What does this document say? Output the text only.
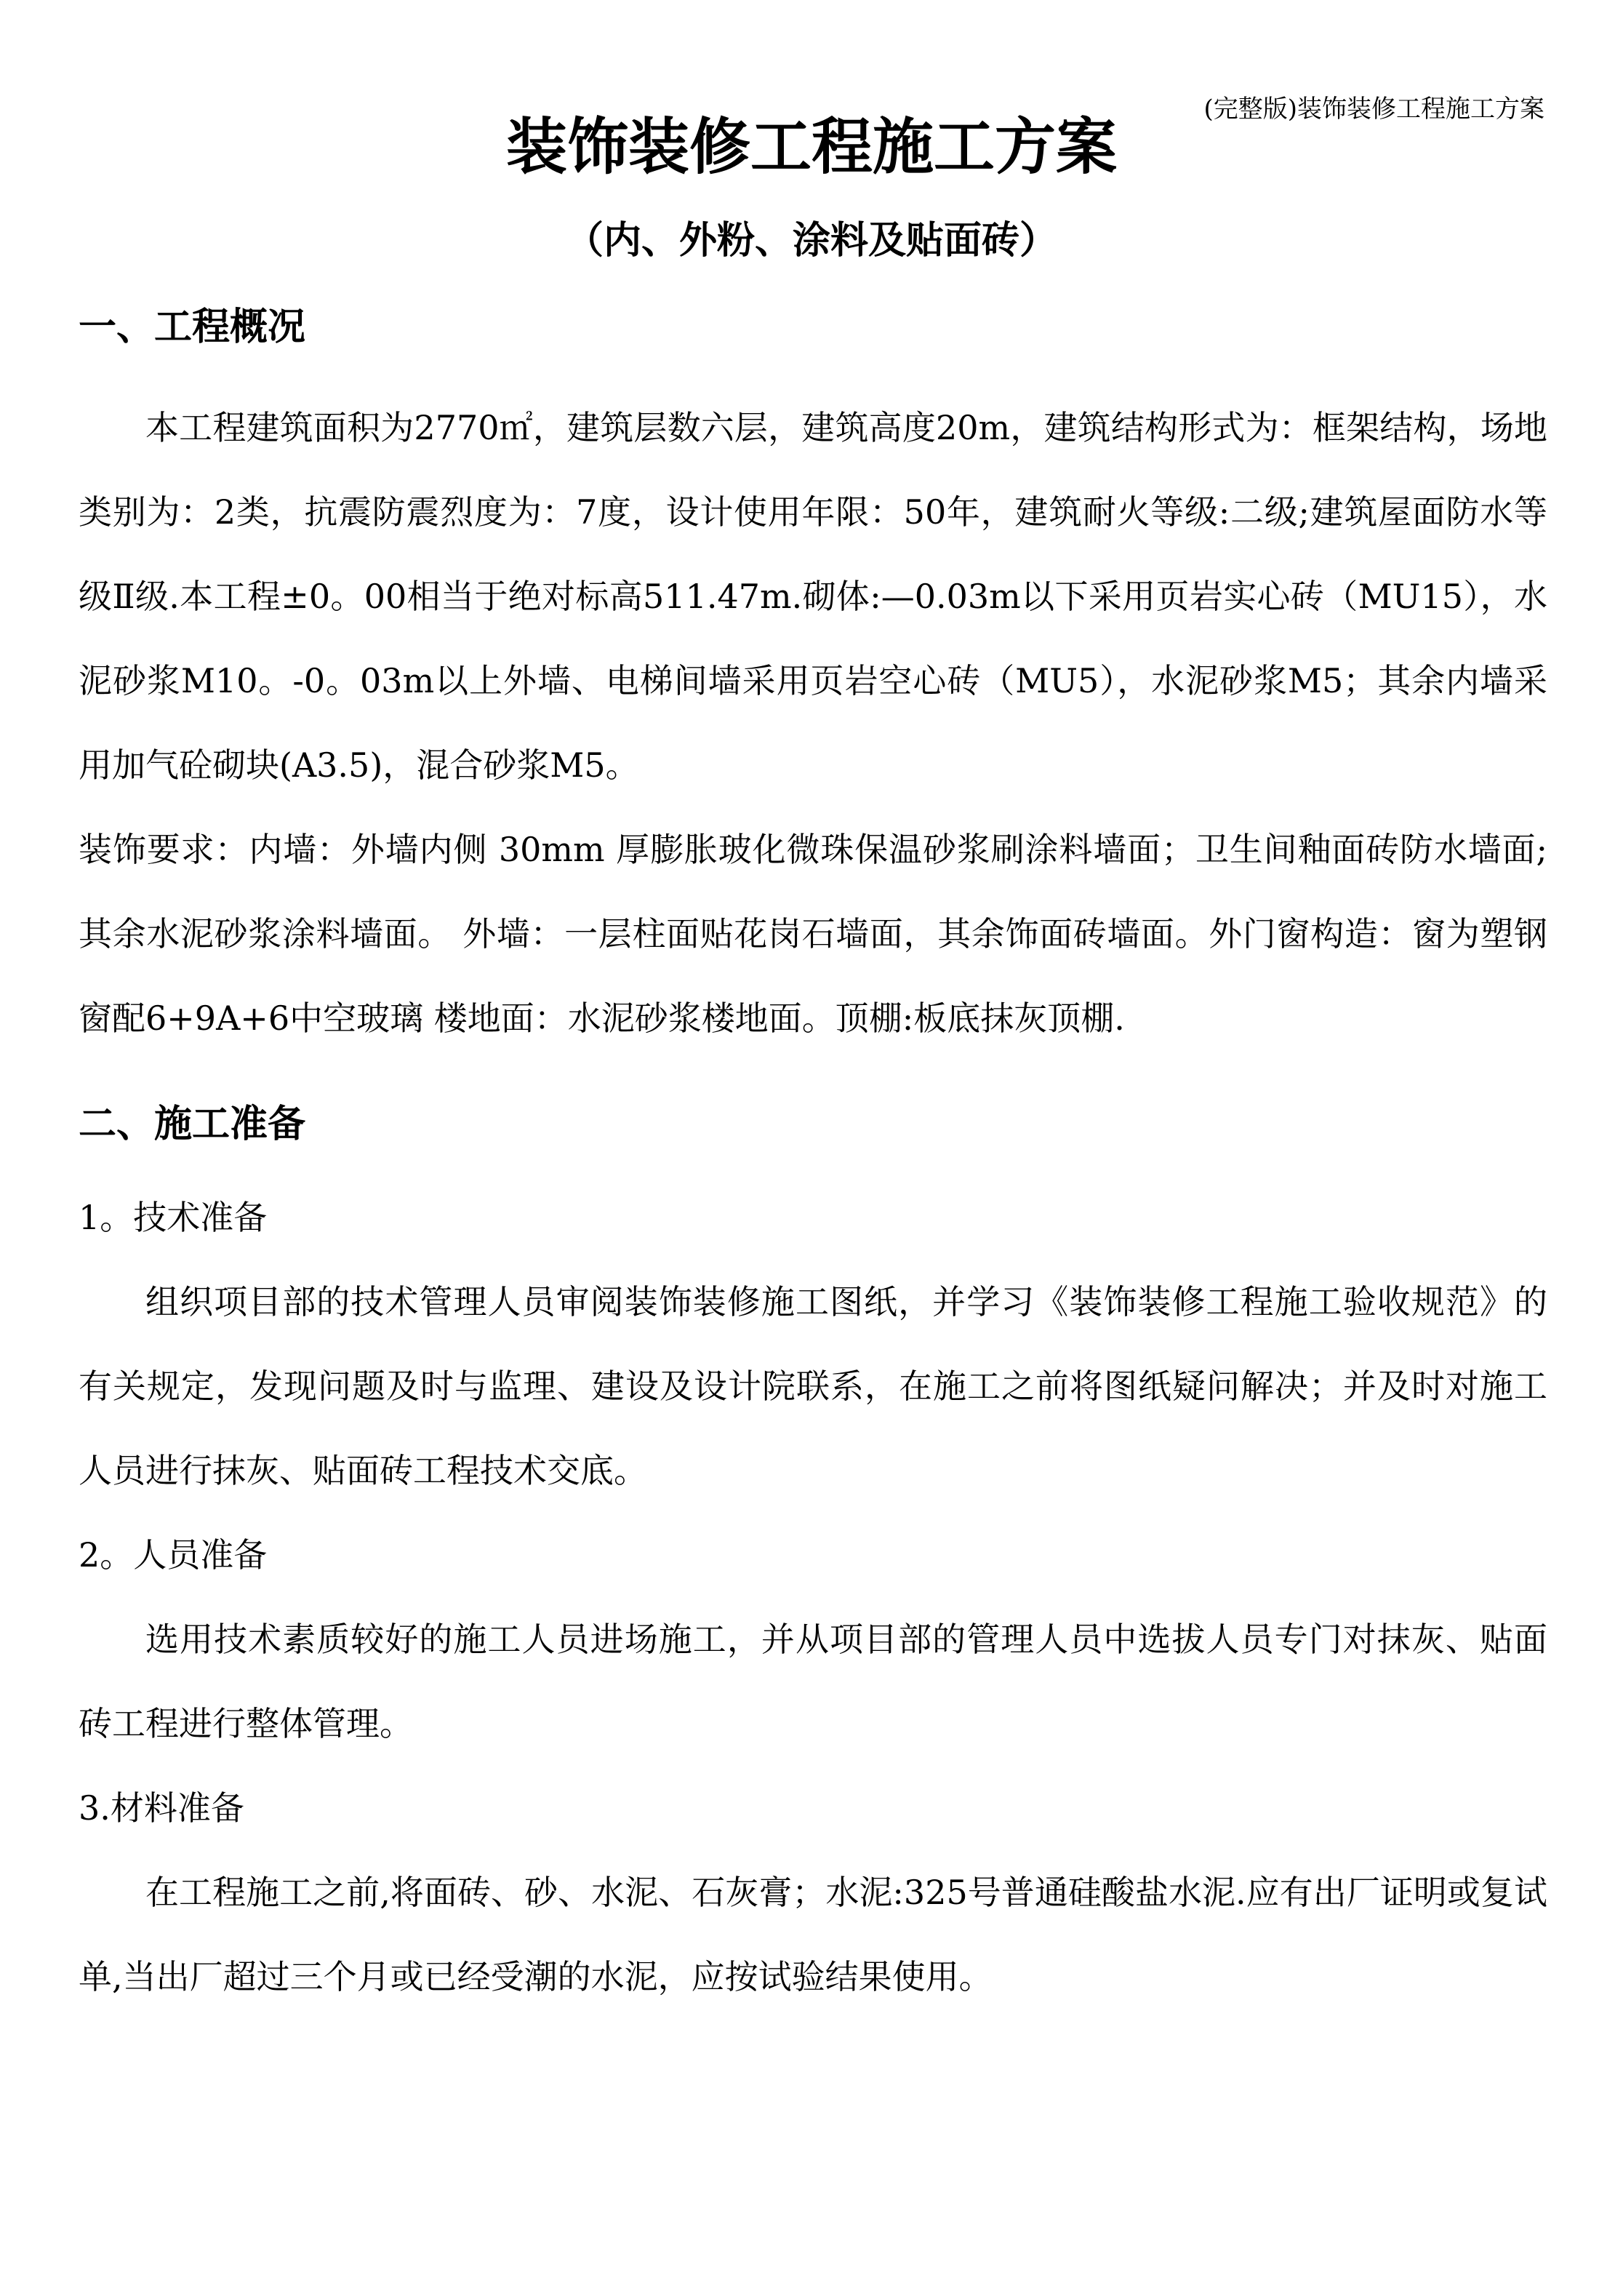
(完整版)装饰装修工程施工方案
装饰装修工程施工方案
（内、外粉、涂料及贴面砖）
一、工程概况

本工程建筑面积为2770㎡，建筑层数六层，建筑高度20m，建筑结构形式为：框架结构，场地类别为：2类，抗震防震烈度为：7度，设计使用年限：50年，建筑耐火等级:二级;建筑屋面防水等级Ⅱ级.本工程±0。00相当于绝对标高511.47m.砌体:—0.03m以下采用页岩实心砖（MU15），水泥砂浆M10。-0。03m以上外墙、电梯间墙采用页岩空心砖（MU5），水泥砂浆M5；其余内墙采用加气砼砌块(A3.5)，混合砂浆M5。

装饰要求：内墙：外墙内侧 30mm 厚膨胀玻化微珠保温砂浆刷涂料墙面；卫生间釉面砖防水墙面;其余水泥砂浆涂料墙面。 外墙：一层柱面贴花岗石墙面，其余饰面砖墙面。外门窗构造：窗为塑钢窗配6+9A+6中空玻璃 楼地面：水泥砂浆楼地面。顶棚:板底抹灰顶棚.

二、施工准备
1。技术准备

组织项目部的技术管理人员审阅装饰装修施工图纸，并学习《装饰装修工程施工验收规范》的有关规定，发现问题及时与监理、建设及设计院联系，在施工之前将图纸疑问解决；并及时对施工人员进行抹灰、贴面砖工程技术交底。

2。人员准备

选用技术素质较好的施工人员进场施工，并从项目部的管理人员中选拔人员专门对抹灰、贴面砖工程进行整体管理。

3.材料准备

在工程施工之前,将面砖、砂、水泥、石灰膏；水泥:325号普通硅酸盐水泥.应有出厂证明或复试单,当出厂超过三个月或已经受潮的水泥，应按试验结果使用。
